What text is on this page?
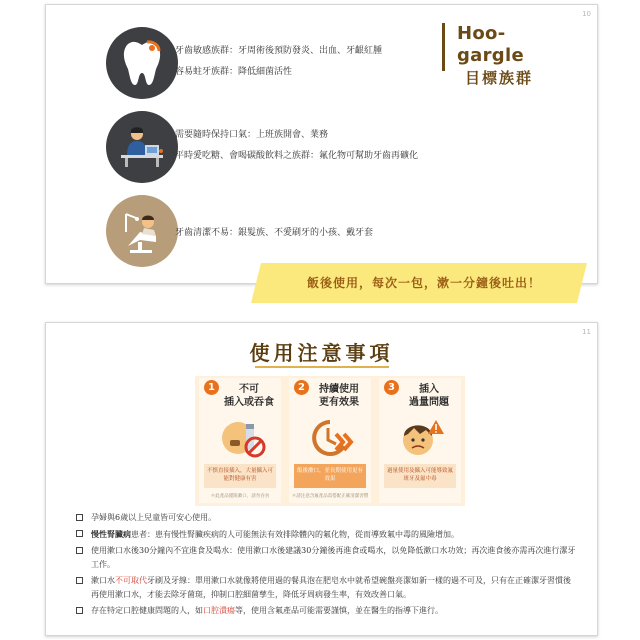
10
Hoo-gargle
目標族群
牙齒敏感族群：牙周術後預防發炎、出血、牙齦紅腫
容易蛀牙族群：降低細菌活性
需要隨時保持口氣：上班族開會、業務
平時愛吃糖、會喝碳酸飲料之族群：氟化物可幫助牙齒再礦化
牙齒清潔不易：銀髮族、不愛刷牙的小孩、戴牙套
飯後使用，每次一包，漱一分鐘後吐出！
11
使用注意事項
1	不可
插入或吞食
不慎直接插入，大量攝入可能對健康有害
＊此產品僅限漱口，請勿吞食
2	持續使用
更有效果
飯後漱口，並長期使用更有效果
＊請注意含氟產品需搭配正確清潔習慣
3	插入
過量問題
過量使用及攝入可能導致氟斑牙及氟中毒
孕婦與6歲以上兒童皆可安心使用。
慢性腎臟病患者：患有慢性腎臟疾病的人可能無法有效排除體內的氟化物，從而導致氟中毒的風險增加。
使用漱口水後30分鐘內不宜進食及喝水：使用漱口水後建議30分鐘後再進食或喝水，以免降低漱口水功效；再次進食後亦需再次進行潔牙工作。
漱口水不可取代牙刷及牙線：單用漱口水就像將使用過的餐具泡在肥皂水中就希望碗盤亮潔如新一樣的過不可及，只有在正確潔牙習慣後再使用漱口水，才能去除牙菌斑，抑制口腔細菌孳生，降低牙周病發生率，有效改善口氣。
存在特定口腔健康問題的人，如口腔潰瘍等，使用含氟產品可能需要謹慎，並在醫生的指導下進行。
